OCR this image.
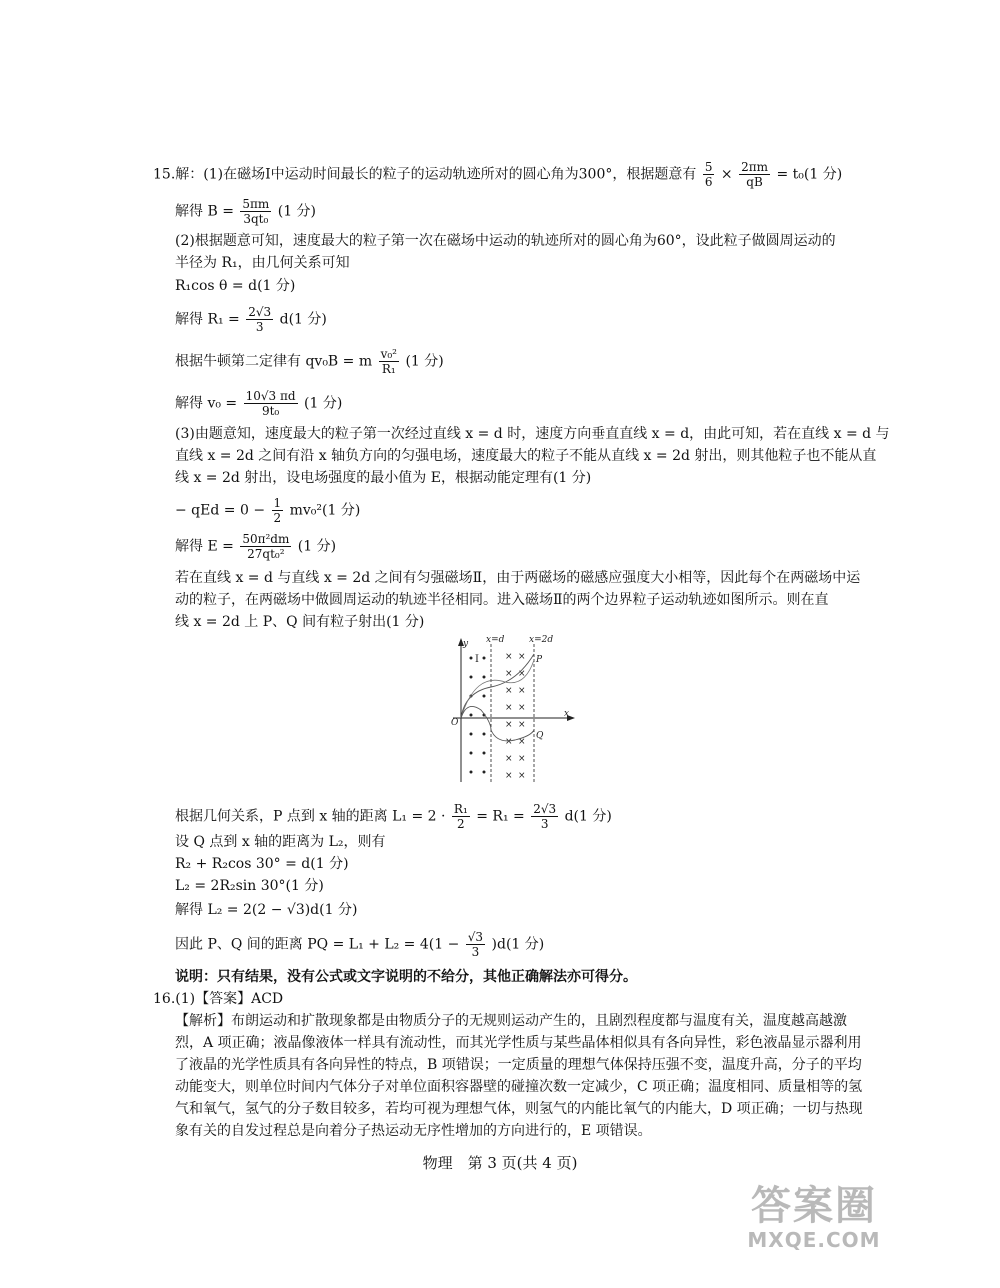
15.解：(1)在磁场Ⅰ中运动时间最长的粒子的运动轨迹所对的圆心角为300°，根据题意有 $\frac{5}{6} \times \frac{2\pi m}{qB} = t_0(1$ 分)
解得 $B = \frac{5\pi m}{\text{3qt₀}} (1$ 分)
(2)根据题意可知，速度最大的粒子第一次在磁场中运动的轨迹所对的圆心角为60°，设此粒子做圆周运动的
半径为 R₁，由几何关系可知
R₁cos θ = d(1 分)
解得 $R_1 = \frac{2√3}{3} d(1$ 分)
根据牛顿第二定律有 qv₀B = m $\frac{\text{v₀²}}{\text{R₁}} (1$ 分)
解得 $v_0 = \frac{10√3 \pi d}{\text{9t₀}} (1$ 分)
(3)由题意知，速度最大的粒子第一次经过直线 x = d 时，速度方向垂直直线 x = d，由此可知，若在直线 x = d 与
直线 x = 2d 之间有沿 x 轴负方向的匀强电场，速度最大的粒子不能从直线 x = 2d 射出，则其他粒子也不能从直
线 x = 2d 射出，设电场强度的最小值为 E，根据动能定理有(1 分)
− qEd = $0 - \frac{1}{2} mv_0^2(1$ 分)
解得 $E = \frac{\text{50π²dm}}{\text{27qt₀²}} (1$ 分)
若在直线 x = d 与直线 x = 2d 之间有匀强磁场Ⅱ，由于两磁场的磁感应强度大小相等，因此每个在两磁场中运
动的粒子，在两磁场中做圆周运动的轨迹半径相同。进入磁场Ⅱ的两个边界粒子运动轨迹如图所示。则在直
线 x = 2d 上 P、Q 间有粒子射出(1 分)
x=d	x=2d
y
x
O
Ⅰ	P
Q
× ×
× ×
× ×
× ×
× ×
× ×
× ×
× ×
根据几何关系，P 点到 x 轴的距离 $L_1 = 2 \cdot \frac{\text{R₁}}{2} = R_1 = \frac{2√3}{3} d(1$ 分)
设 Q 点到 x 轴的距离为 L₂，则有
R₂ + R₂cos 30° = d(1 分)
L₂ = 2R₂sin 30°(1 分)
解得 L₂ = 2(2 − √3)d(1 分)
因此 P、Q 间的距离 PQ = $L_1 + L_2 = 4(1 - \frac{√3}{3} )d(1$ 分)
说明：只有结果，没有公式或文字说明的不给分，其他正确解法亦可得分。
16.(1)【答案】ACD
【解析】布朗运动和扩散现象都是由物质分子的无规则运动产生的，且剧烈程度都与温度有关，温度越高越激
烈，A 项正确；液晶像液体一样具有流动性，而其光学性质与某些晶体相似具有各向异性，彩色液晶显示器利用
了液晶的光学性质具有各向异性的特点，B 项错误；一定质量的理想气体保持压强不变，温度升高，分子的平均
动能变大，则单位时间内气体分子对单位面积容器壁的碰撞次数一定减少，C 项正确；温度相同、质量相等的氢
气和氧气，氢气的分子数目较多，若均可视为理想气体，则氢气的内能比氧气的内能大，D 项正确；一切与热现
象有关的自发过程总是向着分子热运动无序性增加的方向进行的，E 项错误。
物理　第 3 页(共 4 页)
答案圈
MXQE.COM
